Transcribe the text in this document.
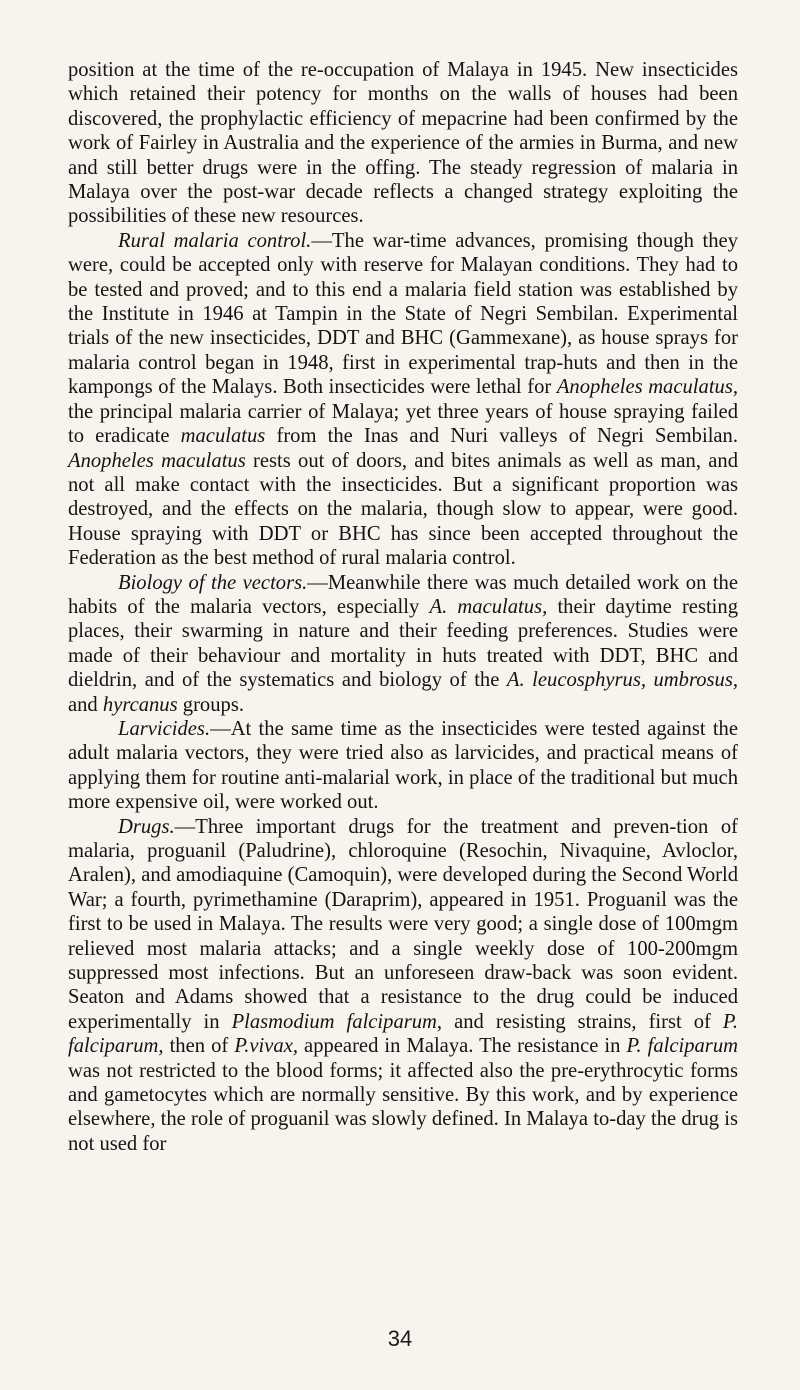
position at the time of the re-occupation of Malaya in 1945. New insecticides which retained their potency for months on the walls of houses had been discovered, the prophylactic efficiency of mepacrine had been confirmed by the work of Fairley in Australia and the experience of the armies in Burma, and new and still better drugs were in the offing. The steady regression of malaria in Malaya over the post-war decade reflects a changed strategy exploiting the possibilities of these new resources.

Rural malaria control.—The war-time advances, promising though they were, could be accepted only with reserve for Malayan conditions. They had to be tested and proved; and to this end a malaria field station was established by the Institute in 1946 at Tampin in the State of Negri Sembilan. Experimental trials of the new insecticides, DDT and BHC (Gammexane), as house sprays for malaria control began in 1948, first in experimental trap-huts and then in the kampongs of the Malays. Both insecticides were lethal for Anopheles maculatus, the principal malaria carrier of Malaya; yet three years of house spraying failed to eradicate maculatus from the Inas and Nuri valleys of Negri Sembilan. Anopheles maculatus rests out of doors, and bites animals as well as man, and not all make contact with the insecticides. But a significant proportion was destroyed, and the effects on the malaria, though slow to appear, were good. House spraying with DDT or BHC has since been accepted throughout the Federation as the best method of rural malaria control.

Biology of the vectors.—Meanwhile there was much detailed work on the habits of the malaria vectors, especially A. maculatus, their daytime resting places, their swarming in nature and their feeding preferences. Studies were made of their behaviour and mortality in huts treated with DDT, BHC and dieldrin, and of the systematics and biology of the A. leucosphyrus, umbrosus, and hyrcanus groups.

Larvicides.—At the same time as the insecticides were tested against the adult malaria vectors, they were tried also as larvicides, and practical means of applying them for routine anti-malarial work, in place of the traditional but much more expensive oil, were worked out.

Drugs.—Three important drugs for the treatment and preven-tion of malaria, proguanil (Paludrine), chloroquine (Resochin, Nivaquine, Avloclor, Aralen), and amodiaquine (Camoquin), were developed during the Second World War; a fourth, pyrimethamine (Daraprim), appeared in 1951. Proguanil was the first to be used in Malaya. The results were very good; a single dose of 100mgm relieved most malaria attacks; and a single weekly dose of 100-200mgm suppressed most infections. But an unforeseen draw-back was soon evident. Seaton and Adams showed that a resistance to the drug could be induced experimentally in Plasmodium falciparum, and resisting strains, first of P. falciparum, then of P.vivax, appeared in Malaya. The resistance in P. falciparum was not restricted to the blood forms; it affected also the pre-erythrocytic forms and gametocytes which are normally sensitive. By this work, and by experience elsewhere, the role of proguanil was slowly defined. In Malaya to-day the drug is not used for

34
